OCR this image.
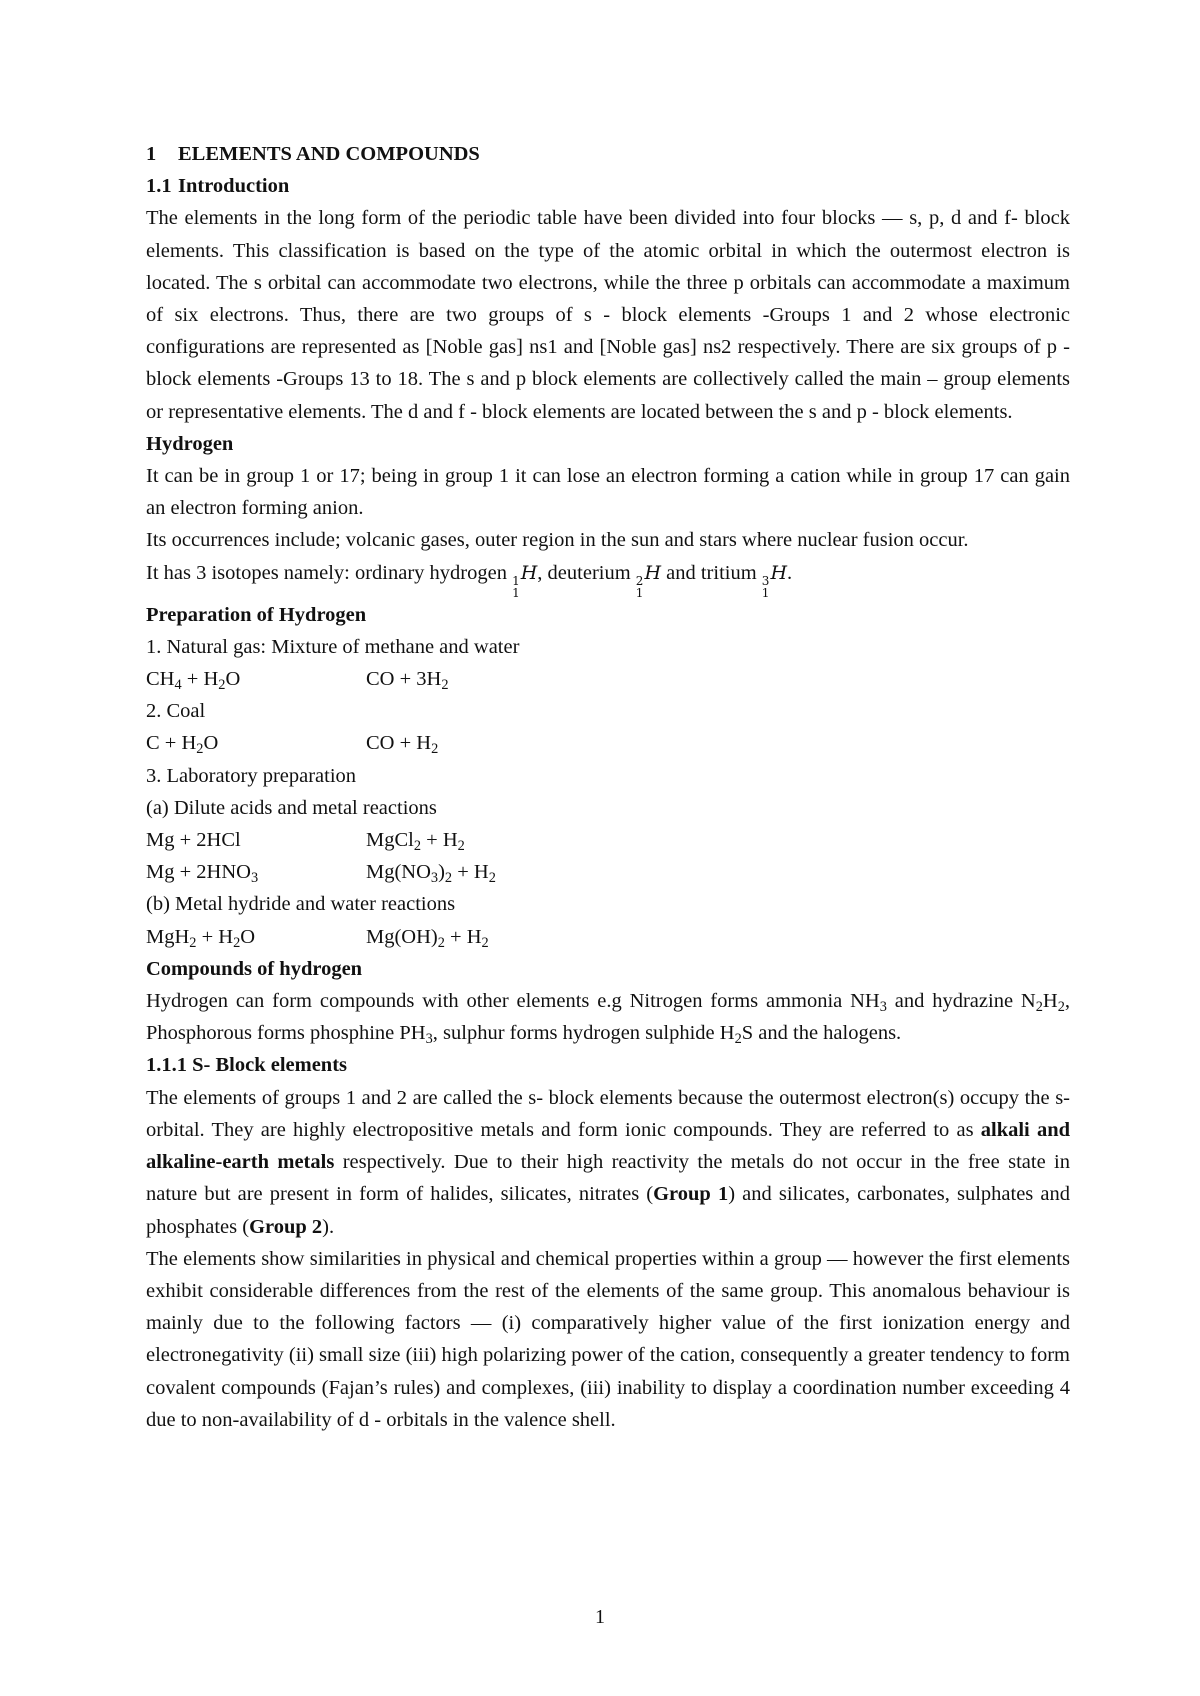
1 ELEMENTS AND COMPOUNDS

1.1 Introduction

The elements in the long form of the periodic table have been divided into four blocks — s, p, d and f- block elements. This classification is based on the type of the atomic orbital in which the outermost electron is located. The s orbital can accommodate two electrons, while the three p orbitals can accommodate a maximum of six electrons. Thus, there are two groups of s - block elements -Groups 1 and 2 whose electronic configurations are represented as [Noble gas] ns1 and [Noble gas] ns2 respectively. There are six groups of p - block elements -Groups 13 to 18. The s and p block elements are collectively called the main – group elements or representative elements. The d and f - block elements are located between the s and p - block elements.

Hydrogen

It can be in group 1 or 17; being in group 1 it can lose an electron forming a cation while in group 17 can gain an electron forming anion.

Its occurrences include; volcanic gases, outer region in the sun and stars where nuclear fusion occur.

It has 3 isotopes namely: ordinary hydrogen 1
1
H, deuterium 2
1
H and tritium 3
1
H.

Preparation of Hydrogen

1. Natural gas: Mixture of methane and water

$CH_4 + H_2O$	CO + $3H_2$

2. Coal

$C + H_2O$	CO + $H_2$

3. Laboratory preparation

(a) Dilute acids and metal reactions

Mg + 2HCl	MgCl$_2$ + $H_2$
$Mg + 2HNO_3$	$Mg(NO_3)_2 + H_2$

(b) Metal hydride and water reactions

$MgH_2 + H_2O$	$Mg(OH)_2 + H_2$

Compounds of hydrogen

Hydrogen can form compounds with other elements e.g Nitrogen forms ammonia $NH_3$ and hydrazine $N_2H_2$, Phosphorous forms phosphine $PH_3$, sulphur forms hydrogen sulphide $H_2S$ and the halogens.

1.1.1 S- Block elements

The elements of groups 1 and 2 are called the s- block elements because the outermost electron(s) occupy the s-orbital. They are highly electropositive metals and form ionic compounds. They are referred to as alkali and alkaline-earth metals respectively. Due to their high reactivity the metals do not occur in the free state in nature but are present in form of halides, silicates, nitrates (Group 1) and silicates, carbonates, sulphates and phosphates (Group 2).

The elements show similarities in physical and chemical properties within a group — however the first elements exhibit considerable differences from the rest of the elements of the same group. This anomalous behaviour is mainly due to the following factors — (i) comparatively higher value of the first ionization energy and electronegativity (ii) small size (iii) high polarizing power of the cation, consequently a greater tendency to form covalent compounds (Fajan’s rules) and complexes, (iii) inability to display a coordination number exceeding 4 due to non-availability of d - orbitals in the valence shell.

1
